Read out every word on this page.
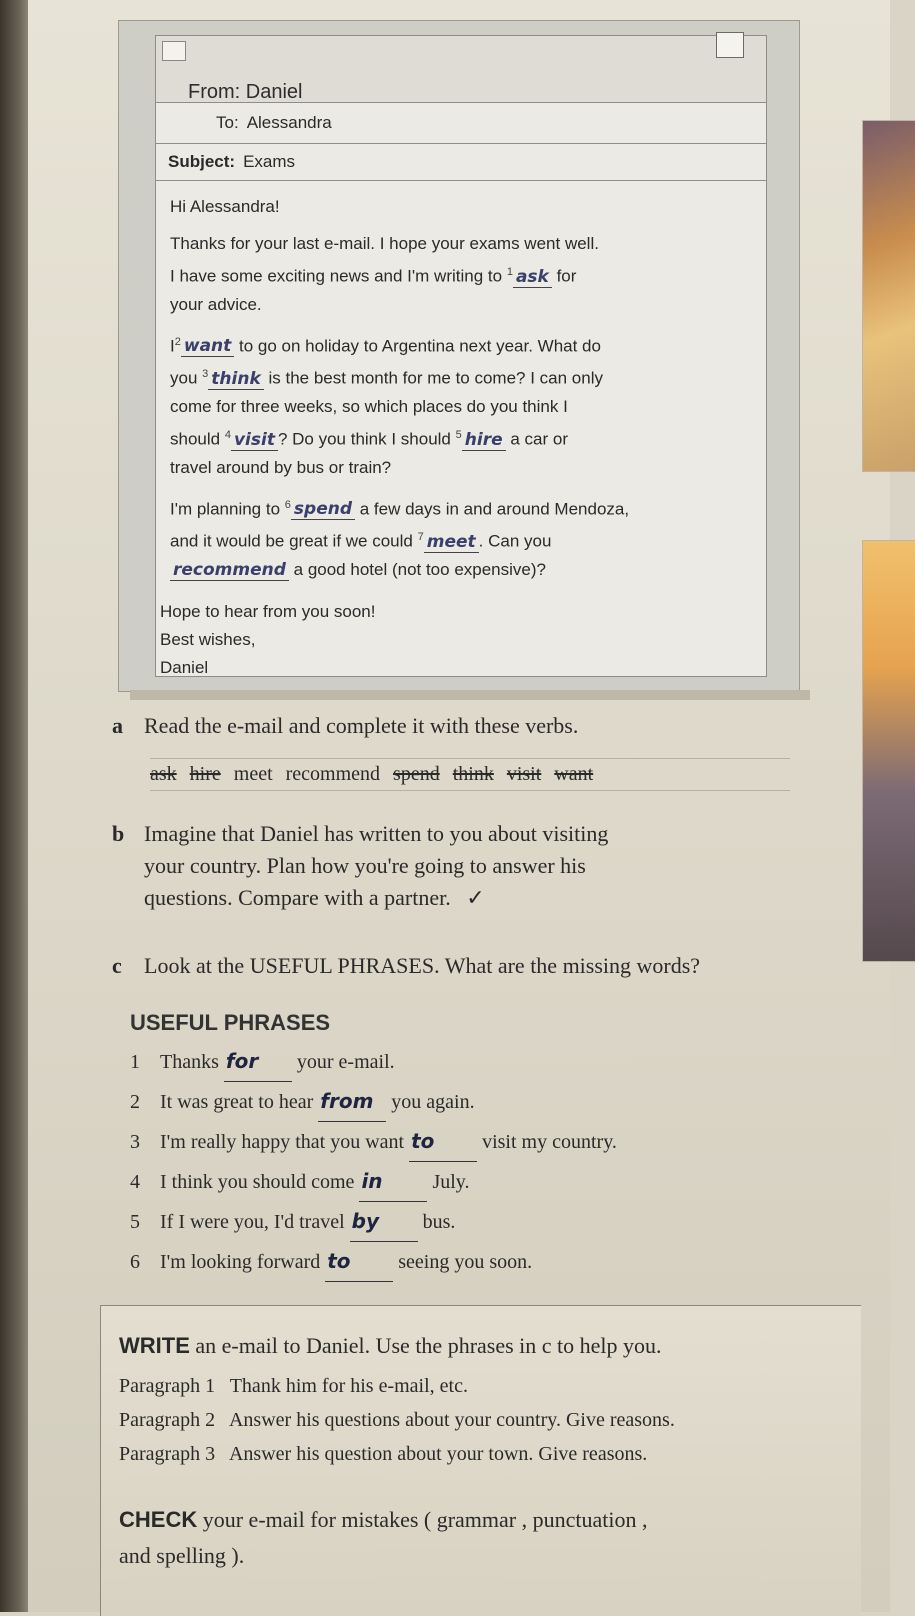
From: Daniel
To: Alessandra
Subject: Exams

Hi Alessandra!

Thanks for your last e-mail. I hope your exams went well.
I have some exciting news and I'm writing to $^1$ ask for
your advice.

$I^2$ want to go on holiday to Argentina next year. What do
you $^3$ think is the best month for me to come? I can only
come for three weeks, so which places do you think I
should $^4$ visit ? Do you think I should $^5$ hire a car or
travel around by bus or train?

I'm planning to $^6$ spend a few days in and around Mendoza,
and it would be great if we could $^7$ meet . Can you
recommend a good hotel (not too expensive)?

Hope to hear from you soon!
Best wishes,
Daniel

a Read the e-mail and complete it with these verbs.
ask hire meet recommend spend think visit want
b Imagine that Daniel has written to you about visiting
your country. Plan how you're going to answer his
questions. Compare with a partner. ✓
c Look at the USEFUL PHRASES. What are the missing words?
USEFUL PHRASES
1 Thanks for your e-mail.
2 It was great to hear from you again.
3 I'm really happy that you want to visit my country.
4 I think you should come in July.
5 If I were you, I'd travel by bus.
6 I'm looking forward to seeing you soon.
WRITE an e-mail to Daniel. Use the phrases in c to help you.
Paragraph 1 Thank him for his e-mail, etc.
Paragraph 2 Answer his questions about your country. Give reasons.
Paragraph 3 Answer his question about your town. Give reasons.
CHECK your e-mail for mistakes ( grammar , punctuation ,
and spelling ).
